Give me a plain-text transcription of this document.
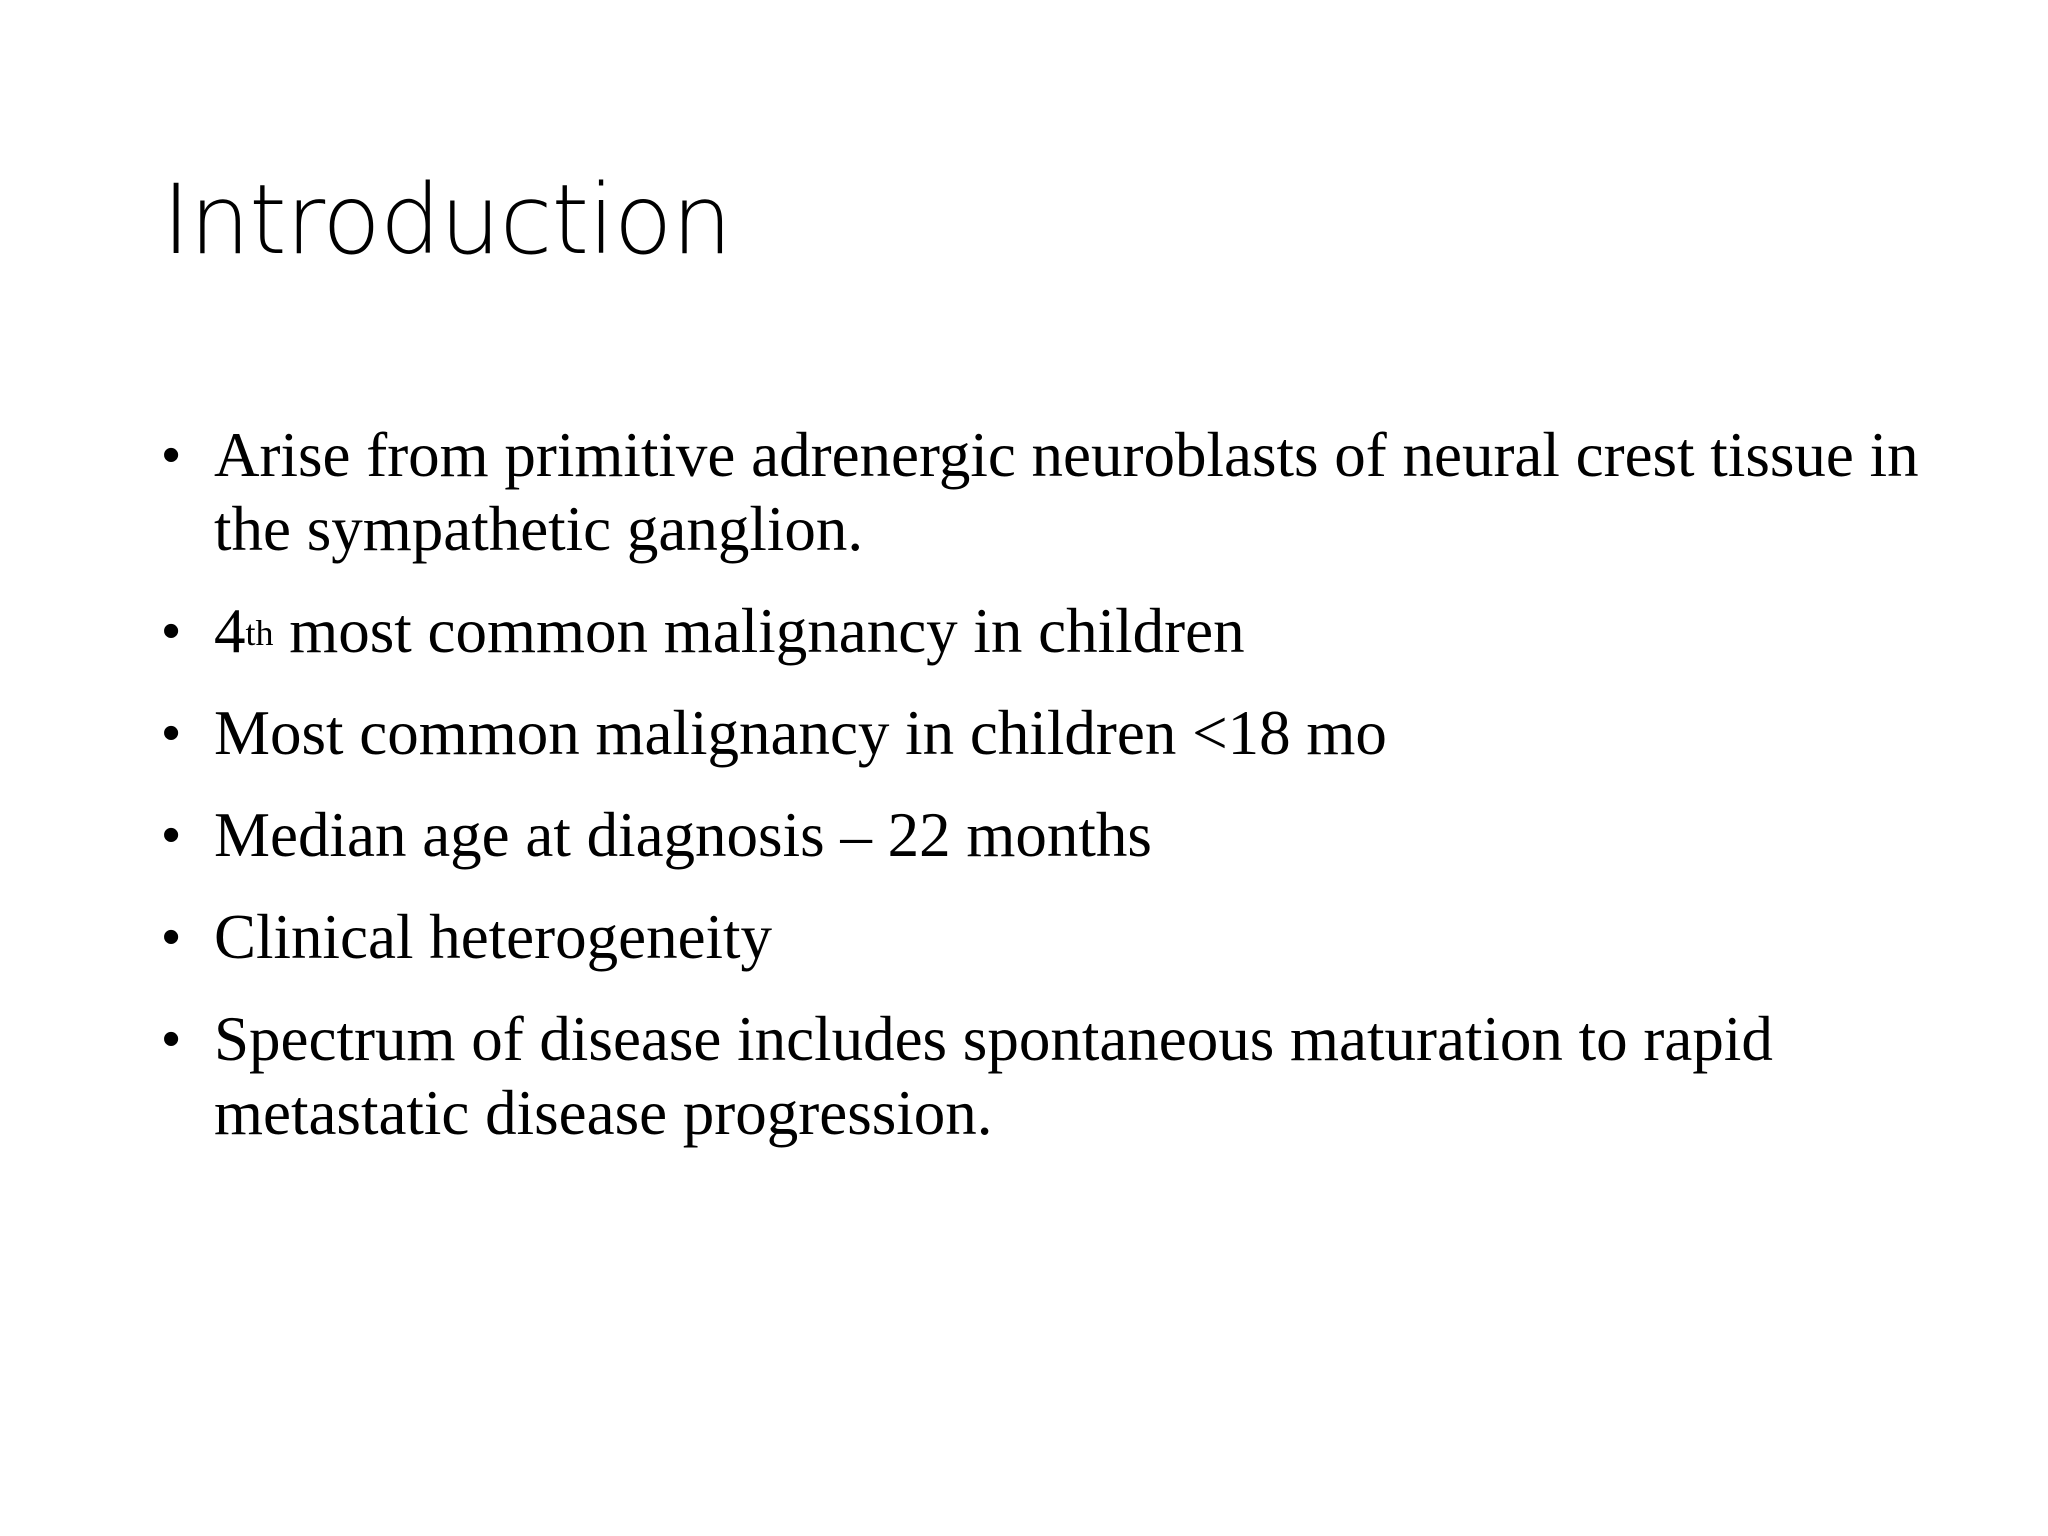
Introduction
• Arise from primitive adrenergic neuroblasts of neural crest tissue in the sympathetic ganglion.
• 4th most common malignancy in children
• Most common malignancy in children <18 mo
• Median age at diagnosis – 22 months
• Clinical heterogeneity
• Spectrum of disease includes spontaneous maturation to rapid metastatic disease progression.
